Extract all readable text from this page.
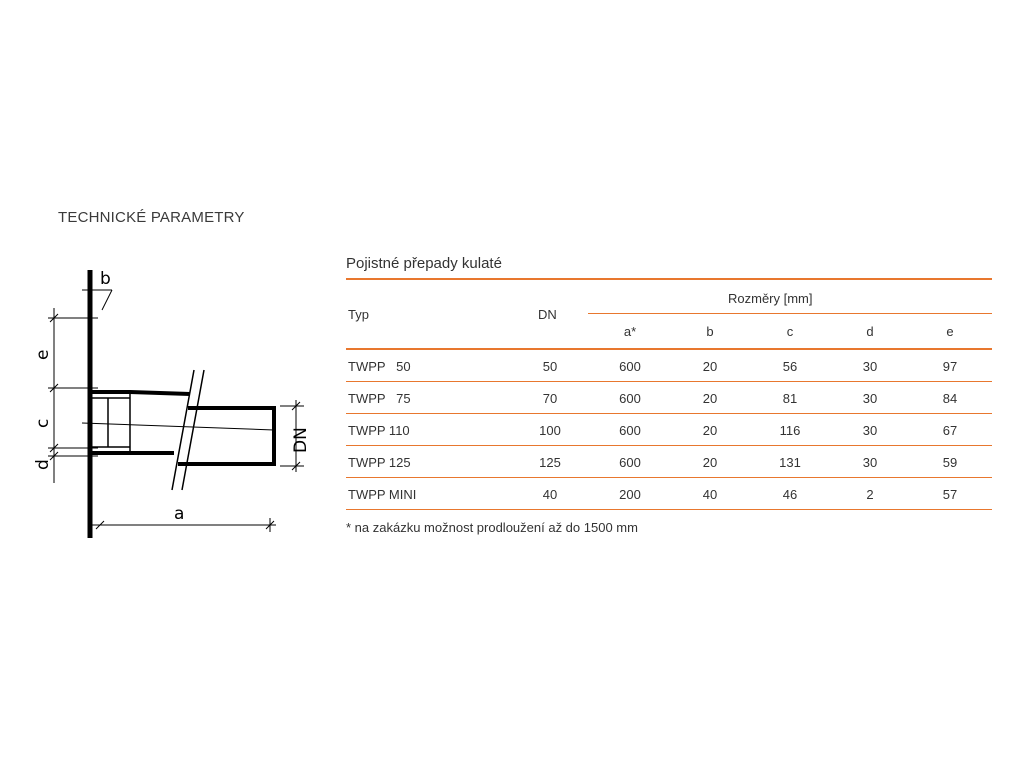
TECHNICKÉ PARAMETRY
DN
e
c
d
b
a
Pojistné přepady kulaté
Typ	DN
Rozměry [mm]
a*	b	c	d	e
TWPP   50	50	600	20	56	30	97
TWPP   75	70	600	20	81	30	84
TWPP 110	100	600	20	116	30	67
TWPP 125	125	600	20	131	30	59
TWPP MINI	40	200	40	46	2	57
* na zakázku možnost prodloužení až do 1500 mm
